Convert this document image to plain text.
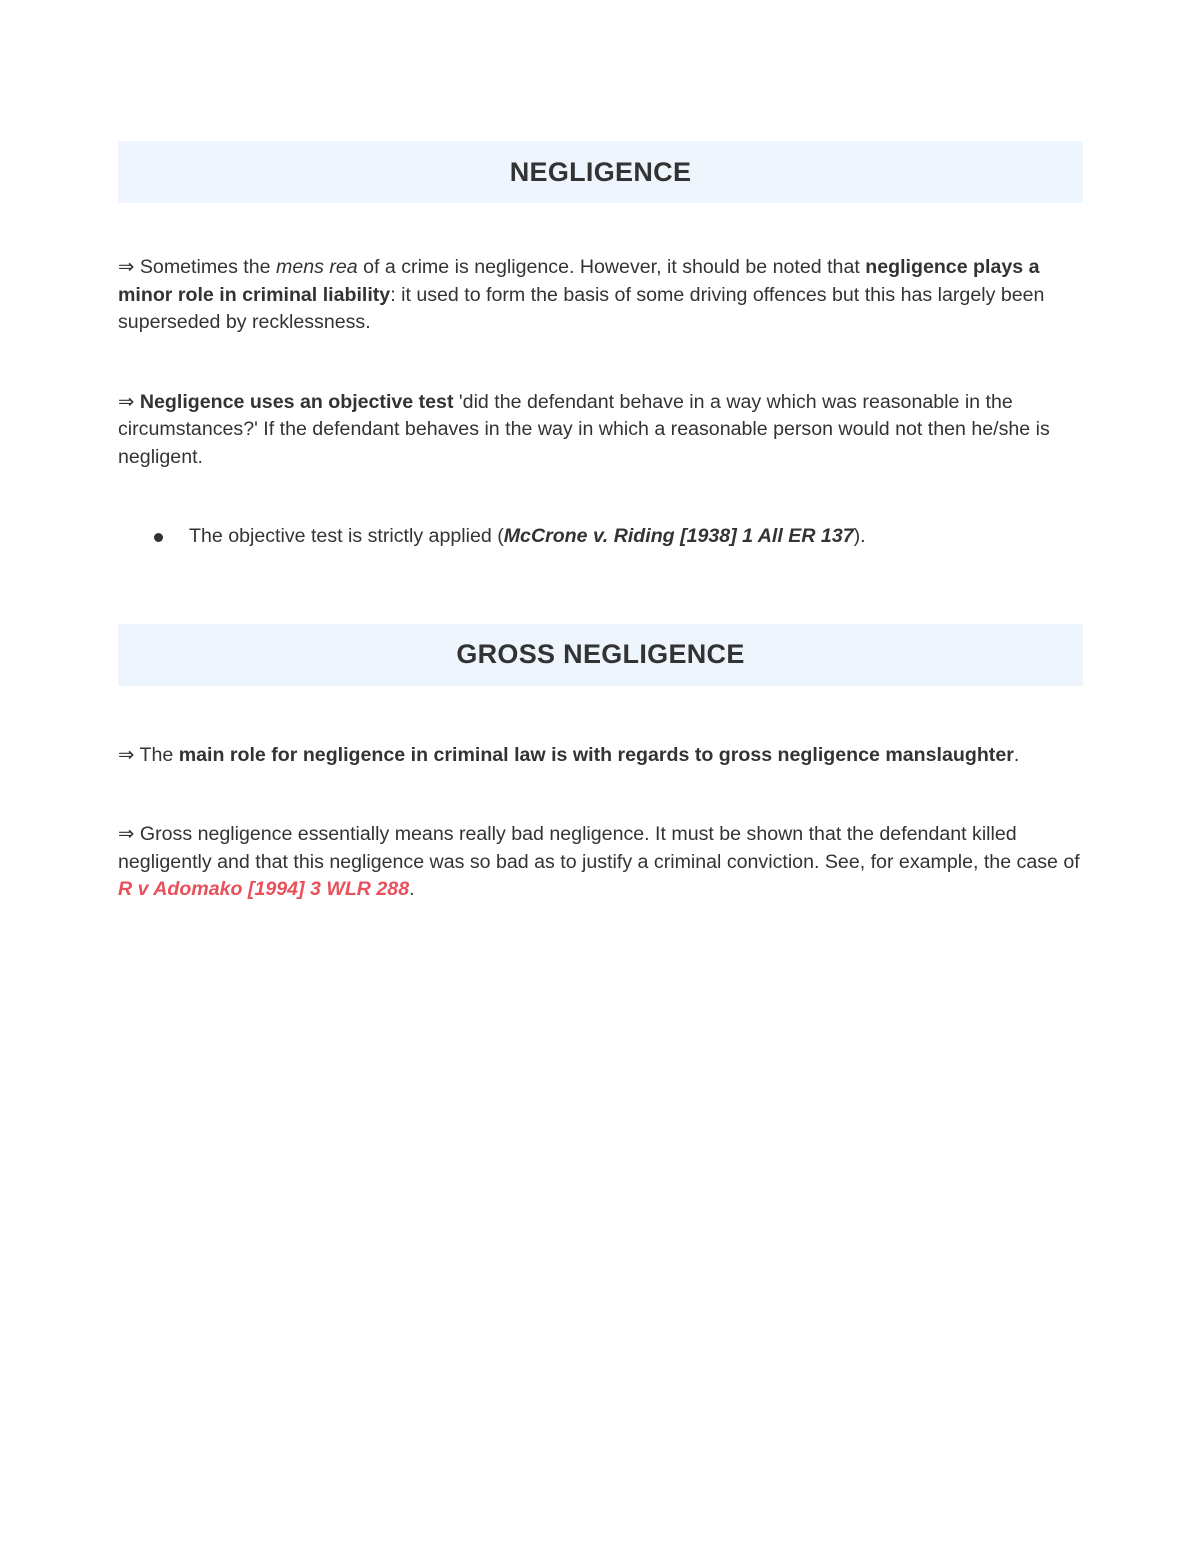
NEGLIGENCE

⇒ Sometimes the mens rea of a crime is negligence. However, it should be noted that negligence plays a minor role in criminal liability: it used to form the basis of some driving offences but this has largely been superseded by recklessness.

⇒ Negligence uses an objective test 'did the defendant behave in a way which was reasonable in the circumstances?' If the defendant behaves in the way in which a reasonable person would not then he/she is negligent.

The objective test is strictly applied (McCrone v. Riding [1938] 1 All ER 137).
GROSS NEGLIGENCE

⇒ The main role for negligence in criminal law is with regards to gross negligence manslaughter.

⇒ Gross negligence essentially means really bad negligence. It must be shown that the defendant killed negligently and that this negligence was so bad as to justify a criminal conviction. See, for example, the case of R v Adomako [1994] 3 WLR 288.
